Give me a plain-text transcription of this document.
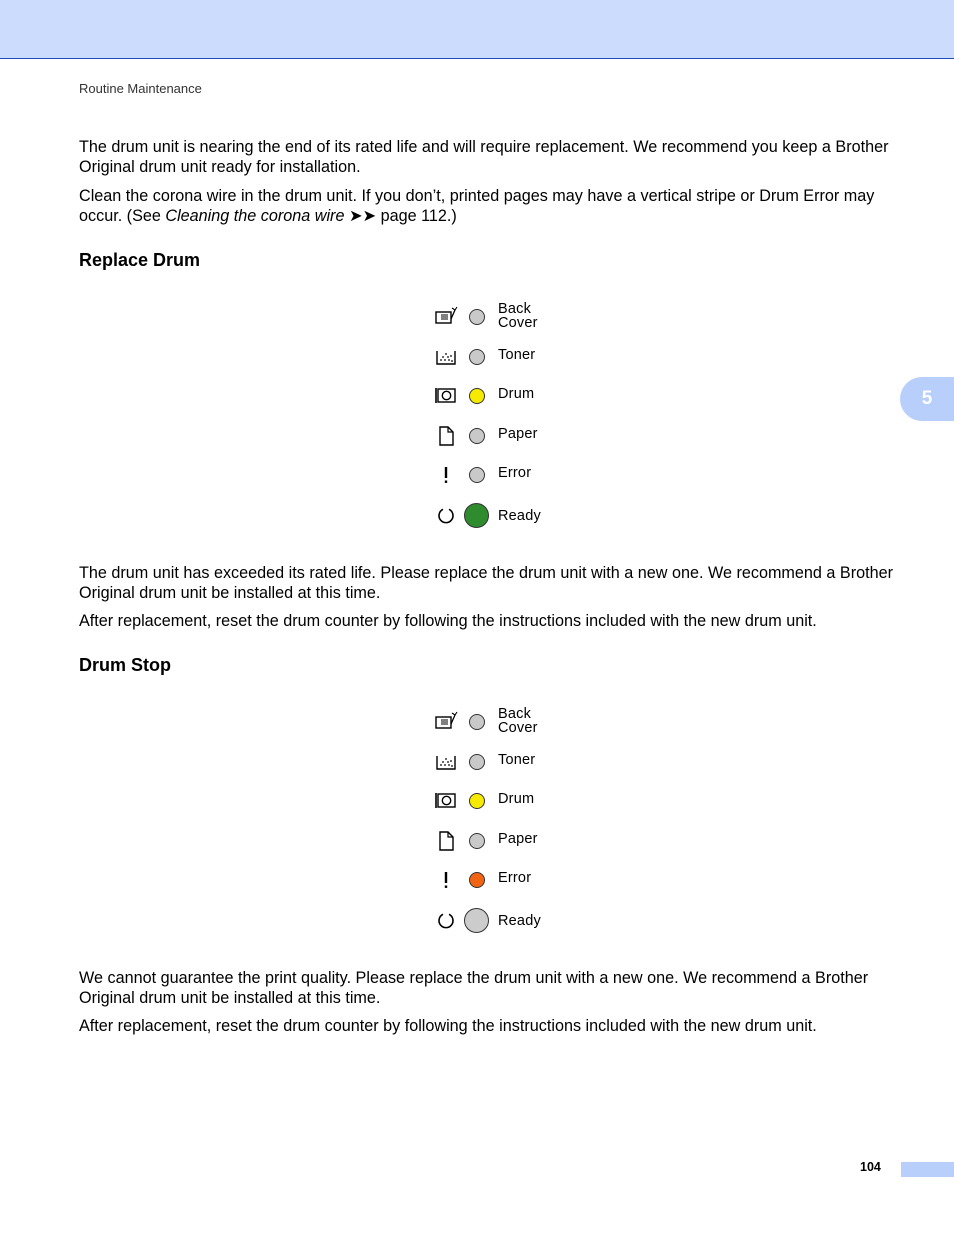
Routine Maintenance
5

The drum unit is nearing the end of its rated life and will require replacement. We recommend you keep a Brother Original drum unit ready for installation.

Clean the corona wire in the drum unit. If you don’t, printed pages may have a vertical stripe or Drum Error may occur. (See Cleaning the corona wire ➤➤ page 112.)

Replace Drum
Back
Cover
Toner
Drum
Paper
Error
Ready

The drum unit has exceeded its rated life. Please replace the drum unit with a new one. We recommend a Brother Original drum unit be installed at this time.

After replacement, reset the drum counter by following the instructions included with the new drum unit.

Drum Stop
Back
Cover
Toner
Drum
Paper
Error
Ready

We cannot guarantee the print quality. Please replace the drum unit with a new one. We recommend a Brother Original drum unit be installed at this time.

After replacement, reset the drum counter by following the instructions included with the new drum unit.

104
